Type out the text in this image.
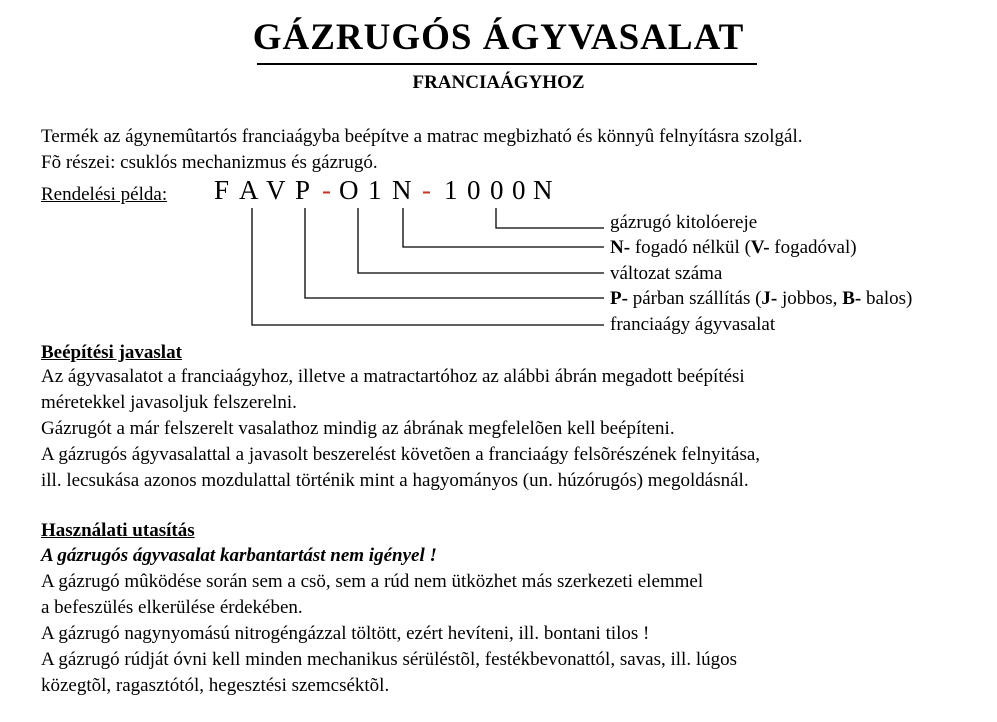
GÁZRUGÓS ÁGYVASALAT
FRANCIAÁGYHOZ
Termék az ágynemûtartós franciaágyba beépítve a matrac megbizható és könnyû felnyításra szolgál.
Fõ részei: csuklós mechanizmus és gázrugó.
Rendelési példa: F A V P - O 1 N - 1 0 0 0 N
gázrugó kitolóereje
N- fogadó nélkül (V- fogadóval)
változat száma
P- párban szállítás (J- jobbos, B- balos)
franciaágy ágyvasalat
Beépítési javaslat
Az ágyvasalatot a franciaágyhoz, illetve a matractartóhoz az alábbi ábrán megadott beépítési
méretekkel javasoljuk felszerelni.
Gázrugót a már felszerelt vasalathoz mindig az ábrának megfelelõen kell beépíteni.
A gázrugós ágyvasalattal a javasolt beszerelést követõen a franciaágy felsõrészének felnyitása,
ill. lecsukása azonos mozdulattal történik mint a hagyományos (un. húzórugós) megoldásnál.
Használati utasítás
A gázrugós ágyvasalat karbantartást nem igényel !
A gázrugó mûködése során sem a csö, sem a rúd nem ütközhet más szerkezeti elemmel
a befeszülés elkerülése érdekében.
A gázrugó nagynyomású nitrogéngázzal töltött, ezért hevíteni, ill. bontani tilos !
A gázrugó rúdját óvni kell minden mechanikus sérüléstõl, festékbevonattól, savas, ill. lúgos
közegtõl, ragasztótól, hegesztési szemcséktõl.
